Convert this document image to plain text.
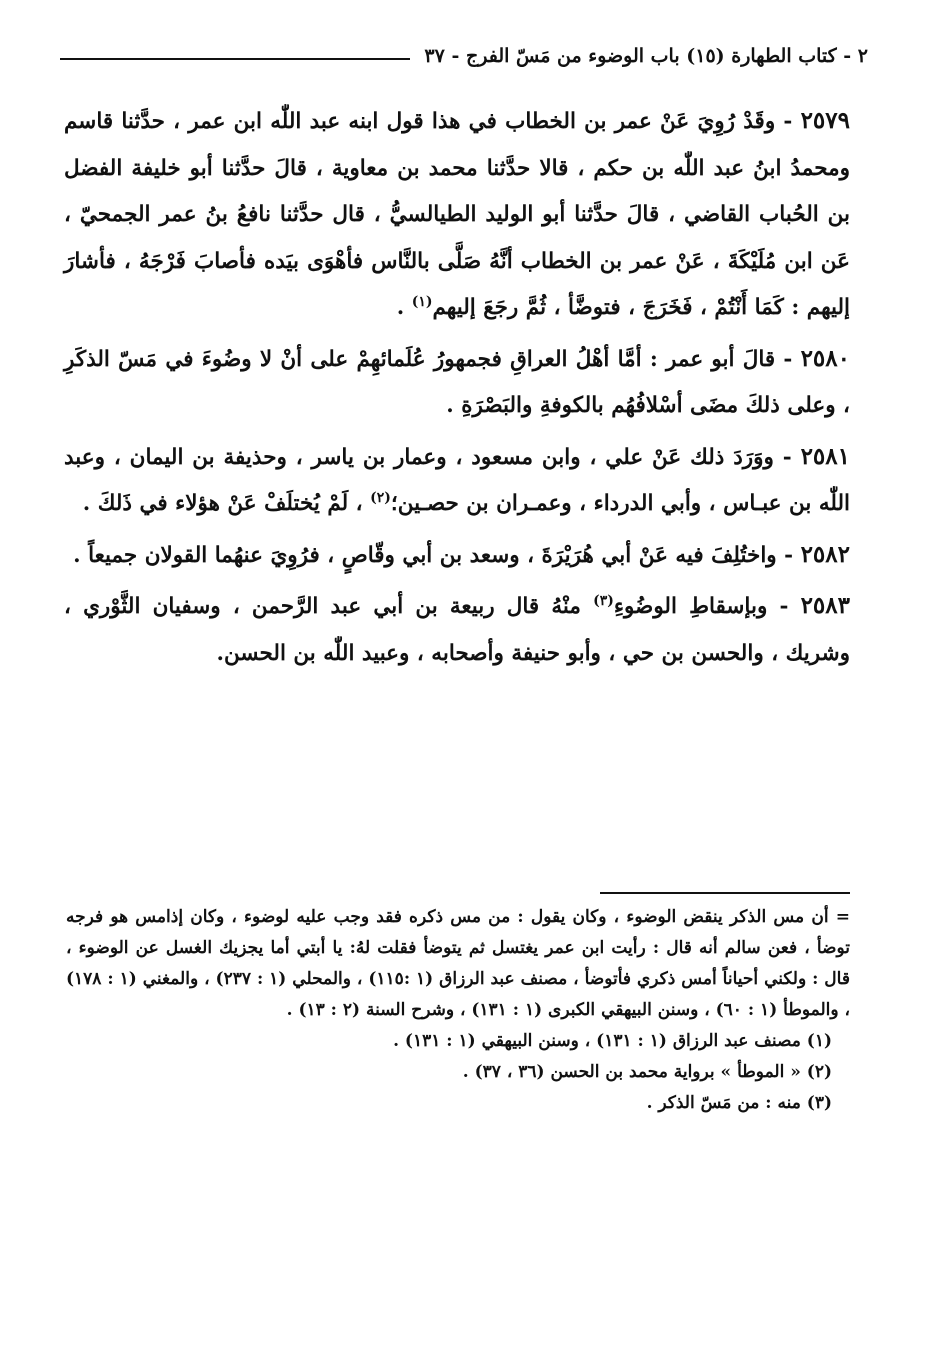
٢ - كتاب الطهارة (١٥) باب الوضوء من مَسّ الفرج - ٣٧

٢٥٧٩ - وقَدْ رُوِيَ عَنْ عمر بن الخطاب في هذا قول ابنه عبد اللّٰه ابن عمر ، حدَّثنا قاسم ومحمدُ ابنُ عبد اللّٰه بن حكم ، قالا حدَّثنا محمد بن معاوية ، قالَ حدَّثنا أبو خليفة الفضل بن الحُباب القاضي ، قالَ حدَّثنا أبو الوليد الطيالسيُّ ، قال حدَّثنا نافعُ بنُ عمر الجمحيّ ، عَن ابن مُلَيْكَةَ ، عَنْ عمر بن الخطاب أنَّهُ صَلَّى بالنَّاس فأهْوَى بيَده فأصابَ فَرْجَهُ ، فأشارَ إليهم : كَمَا أَنْتُمْ ، فَخَرَجَ ، فتوضَّأ ، ثُمَّ رجَعَ إليهم$^{(١)}$ .

٢٥٨٠ - قالَ أبو عمر : أمَّا أهْلُ العراقِ فجمهورُ عُلَمائهِمْ على أنْ لا وضُوءَ في مَسّ الذكَرِ ، وعلى ذلكَ مضَى أسْلافُهُم بالكوفةِ والبَصْرَةِ .

٢٥٨١ - ووَرَدَ ذلك عَنْ علي ، وابن مسعود ، وعمار بن ياسر ، وحذيفة بن اليمان ، وعبد اللّٰه بن عبـاس ، وأبي الدرداء ، وعمـران بن حصـين؛$^{(٢)}$ ، لَمْ يُختلَفْ عَنْ هؤلاء في ذَلكَ .

٢٥٨٢ - واختُلِفَ فيه عَنْ أبي هُرَيْرَةَ ، وسعد بن أبي وقّاصٍ ، فرُوِيَ عنهُما القولان جميعاً .

٢٥٨٣ - وبإسقاطِ الوضُوءِ$^{(٣)}$ منْهُ قال ربيعة بن أبي عبد الرَّحمن ، وسفيان الثَّوْري ، وشريك ، والحسن بن حي ، وأبو حنيفة وأصحابه ، وعبيد اللّٰه بن الحسن.

= أن مس الذكر ينقض الوضوء ، وكان يقول : من مس ذكره فقد وجب عليه لوضوء ، وكان إذامس هو فرجه توضأ ، فعن سالم أنه قال : رأيت ابن عمر يغتسل ثم يتوضأ فقلت لهُ: يا أبتي أما يجزيك الغسل عن الوضوء ، قال : ولكني أحياناً أمس ذكري فأتوضأ ، مصنف عبد الرزاق (١ :١١٥) ، والمحلي (١ : ٢٣٧) ، والمغني (١ : ١٧٨) ، والموطأ (١ : ٦٠) ، وسنن البيهقي الكبرى (١ : ١٣١) ، وشرح السنة (٢ : ١٣) .

(١) مصنف عبد الرزاق (١ : ١٣١) ، وسنن البيهقي (١ : ١٣١) .

(٢) « الموطأ » برواية محمد بن الحسن (٣٦ ، ٣٧) .

(٣) منه : من مَسّ الذكر .
